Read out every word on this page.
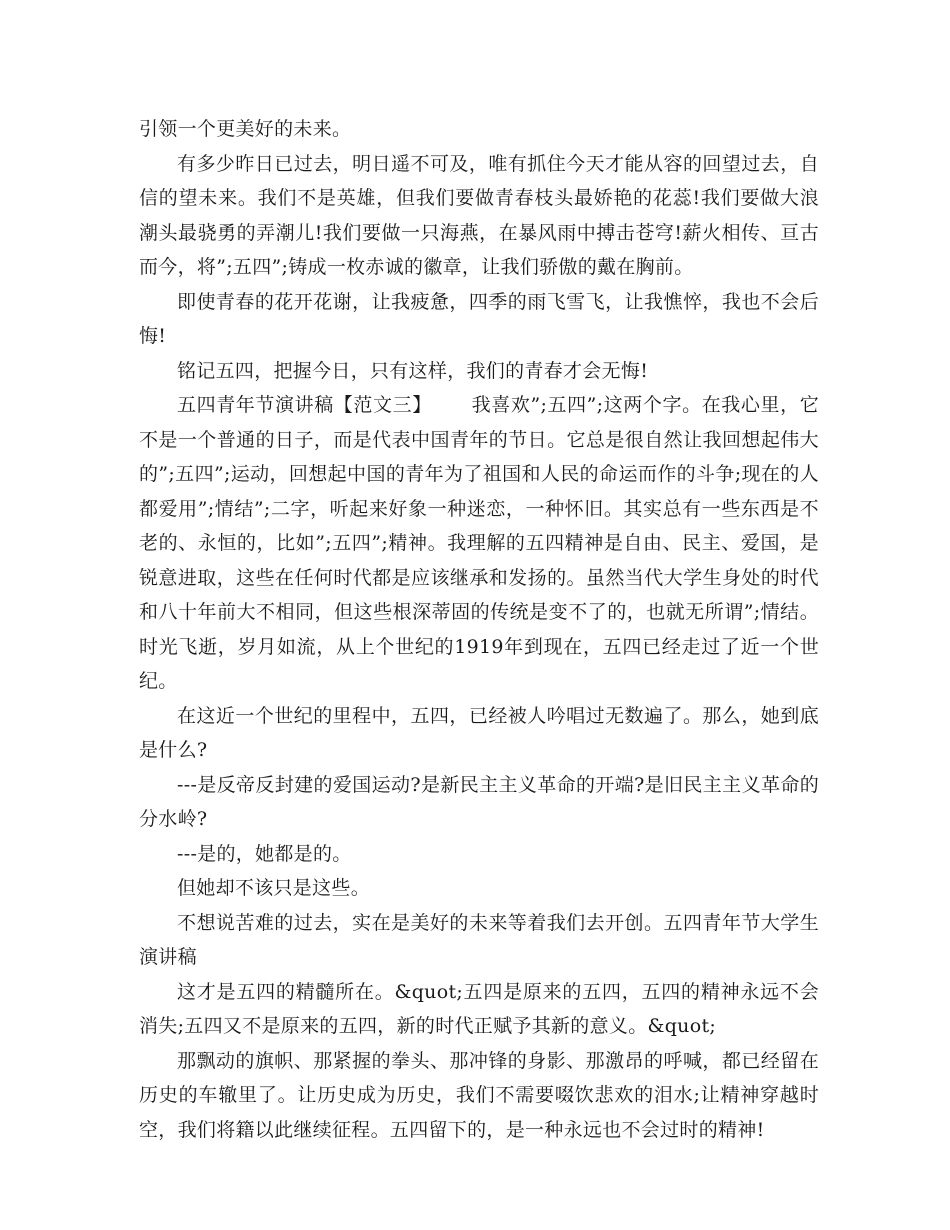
引领一个更美好的未来。

有多少昨日已过去，明日遥不可及，唯有抓住今天才能从容的回望过去，自信的望未来。我们不是英雄，但我们要做青春枝头最娇艳的花蕊!我们要做大浪潮头最骁勇的弄潮儿!我们要做一只海燕，在暴风雨中搏击苍穹!薪火相传、亘古而今，将”;五四”;铸成一枚赤诚的徽章，让我们骄傲的戴在胸前。

即使青春的花开花谢，让我疲惫，四季的雨飞雪飞，让我憔悴，我也不会后悔!

铭记五四，把握今日，只有这样，我们的青春才会无悔!

五四青年节演讲稿【范文三】      我喜欢”;五四”;这两个字。在我心里，它不是一个普通的日子，而是代表中国青年的节日。它总是很自然让我回想起伟大的”;五四”;运动，回想起中国的青年为了祖国和人民的命运而作的斗争;现在的人都爱用”;情结”;二字，听起来好象一种迷恋，一种怀旧。其实总有一些东西是不老的、永恒的，比如”;五四”;精神。我理解的五四精神是自由、民主、爱国，是锐意进取，这些在任何时代都是应该继承和发扬的。虽然当代大学生身处的时代和八十年前大不相同，但这些根深蒂固的传统是变不了的，也就无所谓”;情结。时光飞逝，岁月如流，从上个世纪的1919年到现在，五四已经走过了近一个世纪。

在这近一个世纪的里程中，五四，已经被人吟唱过无数遍了。那么，她到底是什么?

---是反帝反封建的爱国运动?是新民主主义革命的开端?是旧民主主义革命的分水岭?

---是的，她都是的。

但她却不该只是这些。

不想说苦难的过去，实在是美好的未来等着我们去开创。五四青年节大学生演讲稿

这才是五四的精髓所在。&quot;五四是原来的五四，五四的精神永远不会消失;五四又不是原来的五四，新的时代正赋予其新的意义。&quot;

那飘动的旗帜、那紧握的拳头、那冲锋的身影、那激昂的呼喊，都已经留在历史的车辙里了。让历史成为历史，我们不需要啜饮悲欢的泪水;让精神穿越时空，我们将籍以此继续征程。五四留下的，是一种永远也不会过时的精神!
